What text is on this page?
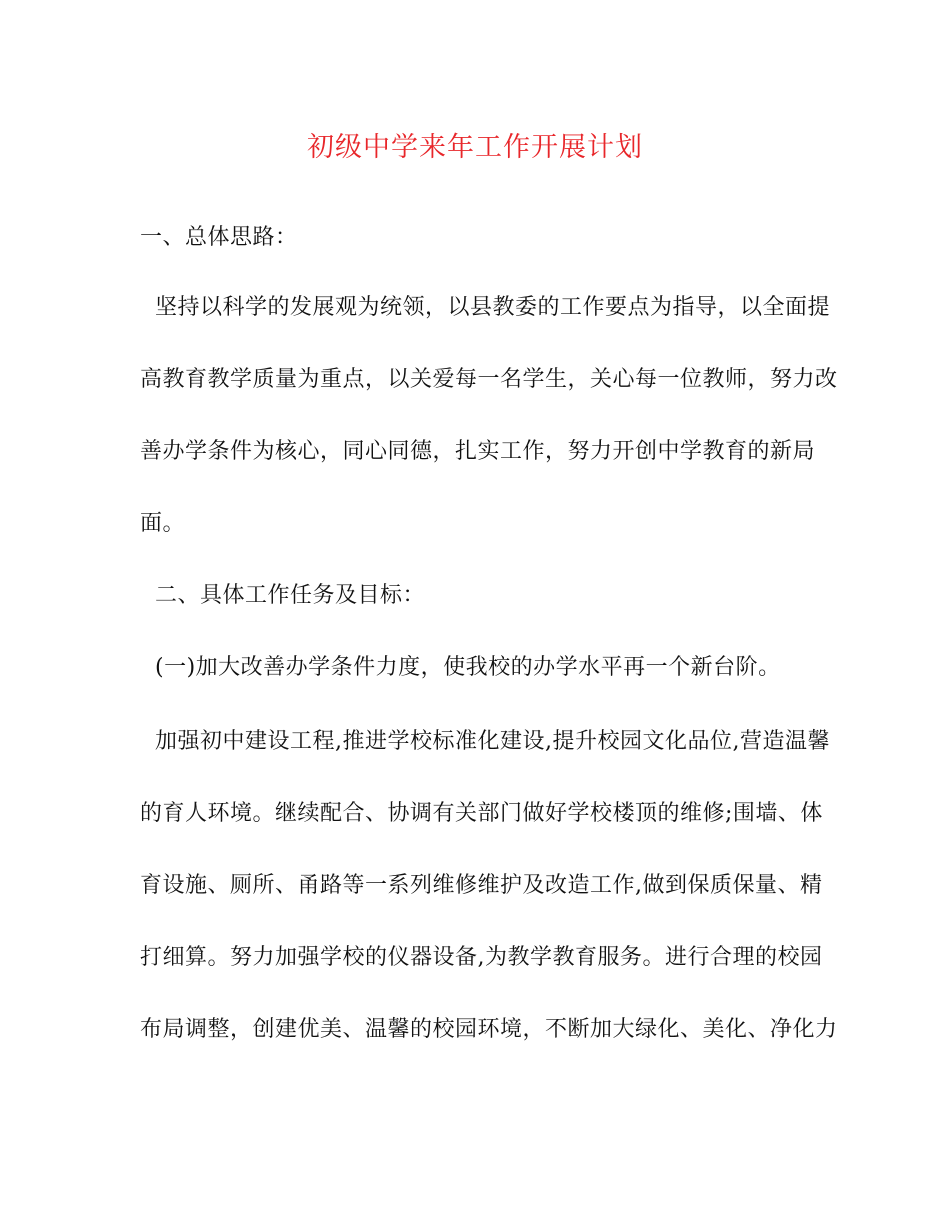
初级中学来年工作开展计划
一、总体思路：
坚持以科学的发展观为统领，以县教委的工作要点为指导，以全面提
高教育教学质量为重点，以关爱每一名学生，关心每一位教师，努力改
善办学条件为核心，同心同德，扎实工作，努力开创中学教育的新局
面。
二、具体工作任务及目标：
(一)加大改善办学条件力度，使我校的办学水平再一个新台阶。
加强初中建设工程,推进学校标准化建设,提升校园文化品位,营造温馨
的育人环境。继续配合、协调有关部门做好学校楼顶的维修;围墙、体
育设施、厕所、甬路等一系列维修维护及改造工作,做到保质保量、精
打细算。努力加强学校的仪器设备,为教学教育服务。进行合理的校园
布局调整，创建优美、温馨的校园环境，不断加大绿化、美化、净化力
